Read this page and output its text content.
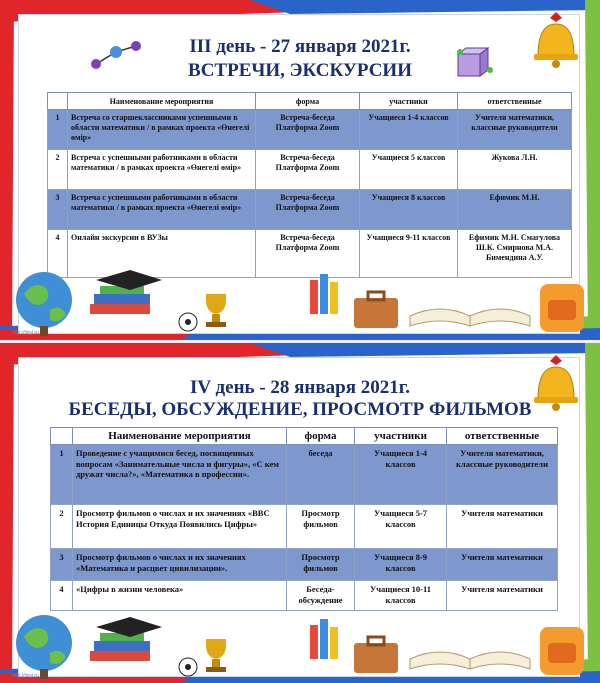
III день - 27 января 2021г.
ВСТРЕЧИ, ЭКСКУРСИИ
	Наименование мероприятия	форма	участники	ответственные
1	Встреча со старшеклассниками успешными в области математики / в рамках проекта «Өнегелі өмір»	Встреча-беседа Платформа Zoom	Учащиеся 1-4 классов	Учителя математики, классные руководители
2	Встреча с успешными работниками в области математики / в рамках проекта «Өнегелі өмір»	Встреча-беседа Платформа Zoom	Учащиеся 5 классов	Жукова Л.Н.
3	Встреча с успешными работниками в области математики / в рамках проекта «Өнегелі өмір»	Встреча-беседа Платформа Zoom	Учащиеся 8 классов	Ефимик М.Н.
4	Онлайн экскурсии в ВУЗы	Встреча-беседа Платформа Zoom	Учащиеся 9-11 классов	Ефимик М.Н. Смагулова Ш.К. Смирнова М.А. Бимендина А.У.
http://linyl.ru
IV день - 28 января 2021г.
БЕСЕДЫ, ОБСУЖДЕНИЕ, ПРОСМОТР ФИЛЬМОВ
	Наименование мероприятия	форма	участники	ответственные
1	Проведение с учащимися бесед, посвященных вопросам «Занимательные числа и фигуры», «С кем дружат числа?», «Математика в профессии».	беседа	Учащиеся 1-4 классов	Учителя математики, классные руководители
2	Просмотр фильмов о числах и их значениях «ВВС История Единицы Откуда Появились Цифры»	Просмотр фильмов	Учащиеся 5-7 классов	Учителя математики
3	Просмотр фильмов о числах и их значениях «Математика и расцвет цивилизации».	Просмотр фильмов	Учащиеся 8-9 классов	Учителя математики
4	«Цифры в жизни человека»	Беседа-обсуждение	Учащиеся 10-11 классов	Учителя математики
http://linyl.ru
